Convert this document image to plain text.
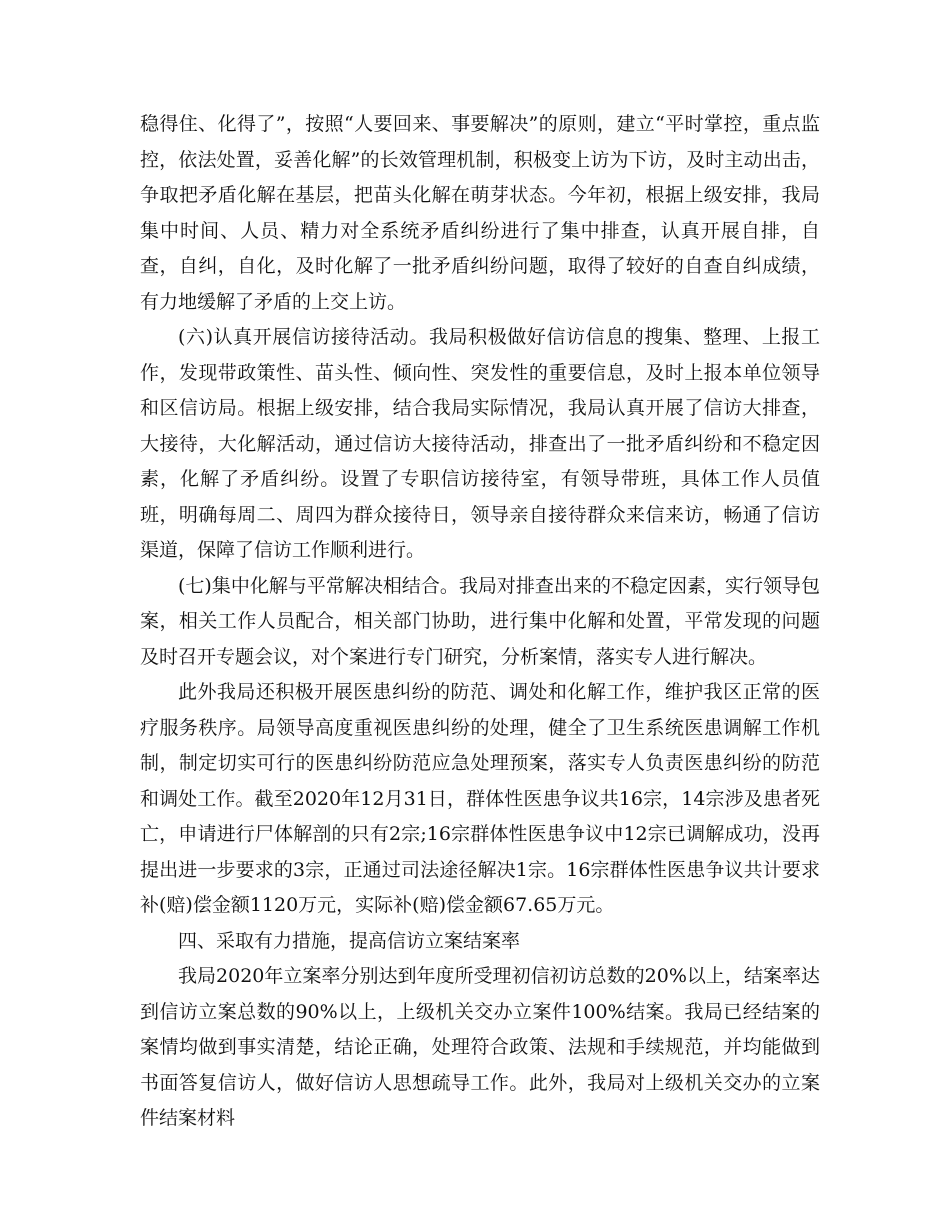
稳得住、化得了”，按照“人要回来、事要解决”的原则，建立“平时掌控，重点监控，依法处置，妥善化解”的长效管理机制，积极变上访为下访，及时主动出击，争取把矛盾化解在基层，把苗头化解在萌芽状态。今年初，根据上级安排，我局集中时间、人员、精力对全系统矛盾纠纷进行了集中排查，认真开展自排，自查，自纠，自化，及时化解了一批矛盾纠纷问题，取得了较好的自查自纠成绩，有力地缓解了矛盾的上交上访。

(六)认真开展信访接待活动。我局积极做好信访信息的搜集、整理、上报工作，发现带政策性、苗头性、倾向性、突发性的重要信息，及时上报本单位领导和区信访局。根据上级安排，结合我局实际情况，我局认真开展了信访大排查，大接待，大化解活动，通过信访大接待活动，排查出了一批矛盾纠纷和不稳定因素，化解了矛盾纠纷。设置了专职信访接待室，有领导带班，具体工作人员值班，明确每周二、周四为群众接待日，领导亲自接待群众来信来访，畅通了信访渠道，保障了信访工作顺利进行。

(七)集中化解与平常解决相结合。我局对排查出来的不稳定因素，实行领导包案，相关工作人员配合，相关部门协助，进行集中化解和处置，平常发现的问题及时召开专题会议，对个案进行专门研究，分析案情，落实专人进行解决。

此外我局还积极开展医患纠纷的防范、调处和化解工作，维护我区正常的医疗服务秩序。局领导高度重视医患纠纷的处理，健全了卫生系统医患调解工作机制，制定切实可行的医患纠纷防范应急处理预案，落实专人负责医患纠纷的防范和调处工作。截至2020年12月31日，群体性医患争议共16宗，14宗涉及患者死亡，申请进行尸体解剖的只有2宗;16宗群体性医患争议中12宗已调解成功，没再提出进一步要求的3宗，正通过司法途径解决1宗。16宗群体性医患争议共计要求补(赔)偿金额1120万元，实际补(赔)偿金额67.65万元。

四、采取有力措施，提高信访立案结案率

我局2020年立案率分别达到年度所受理初信初访总数的20%以上，结案率达到信访立案总数的90%以上，上级机关交办立案件100%结案。我局已经结案的案情均做到事实清楚，结论正确，处理符合政策、法规和手续规范，并均能做到书面答复信访人，做好信访人思想疏导工作。此外，我局对上级机关交办的立案件结案材料
